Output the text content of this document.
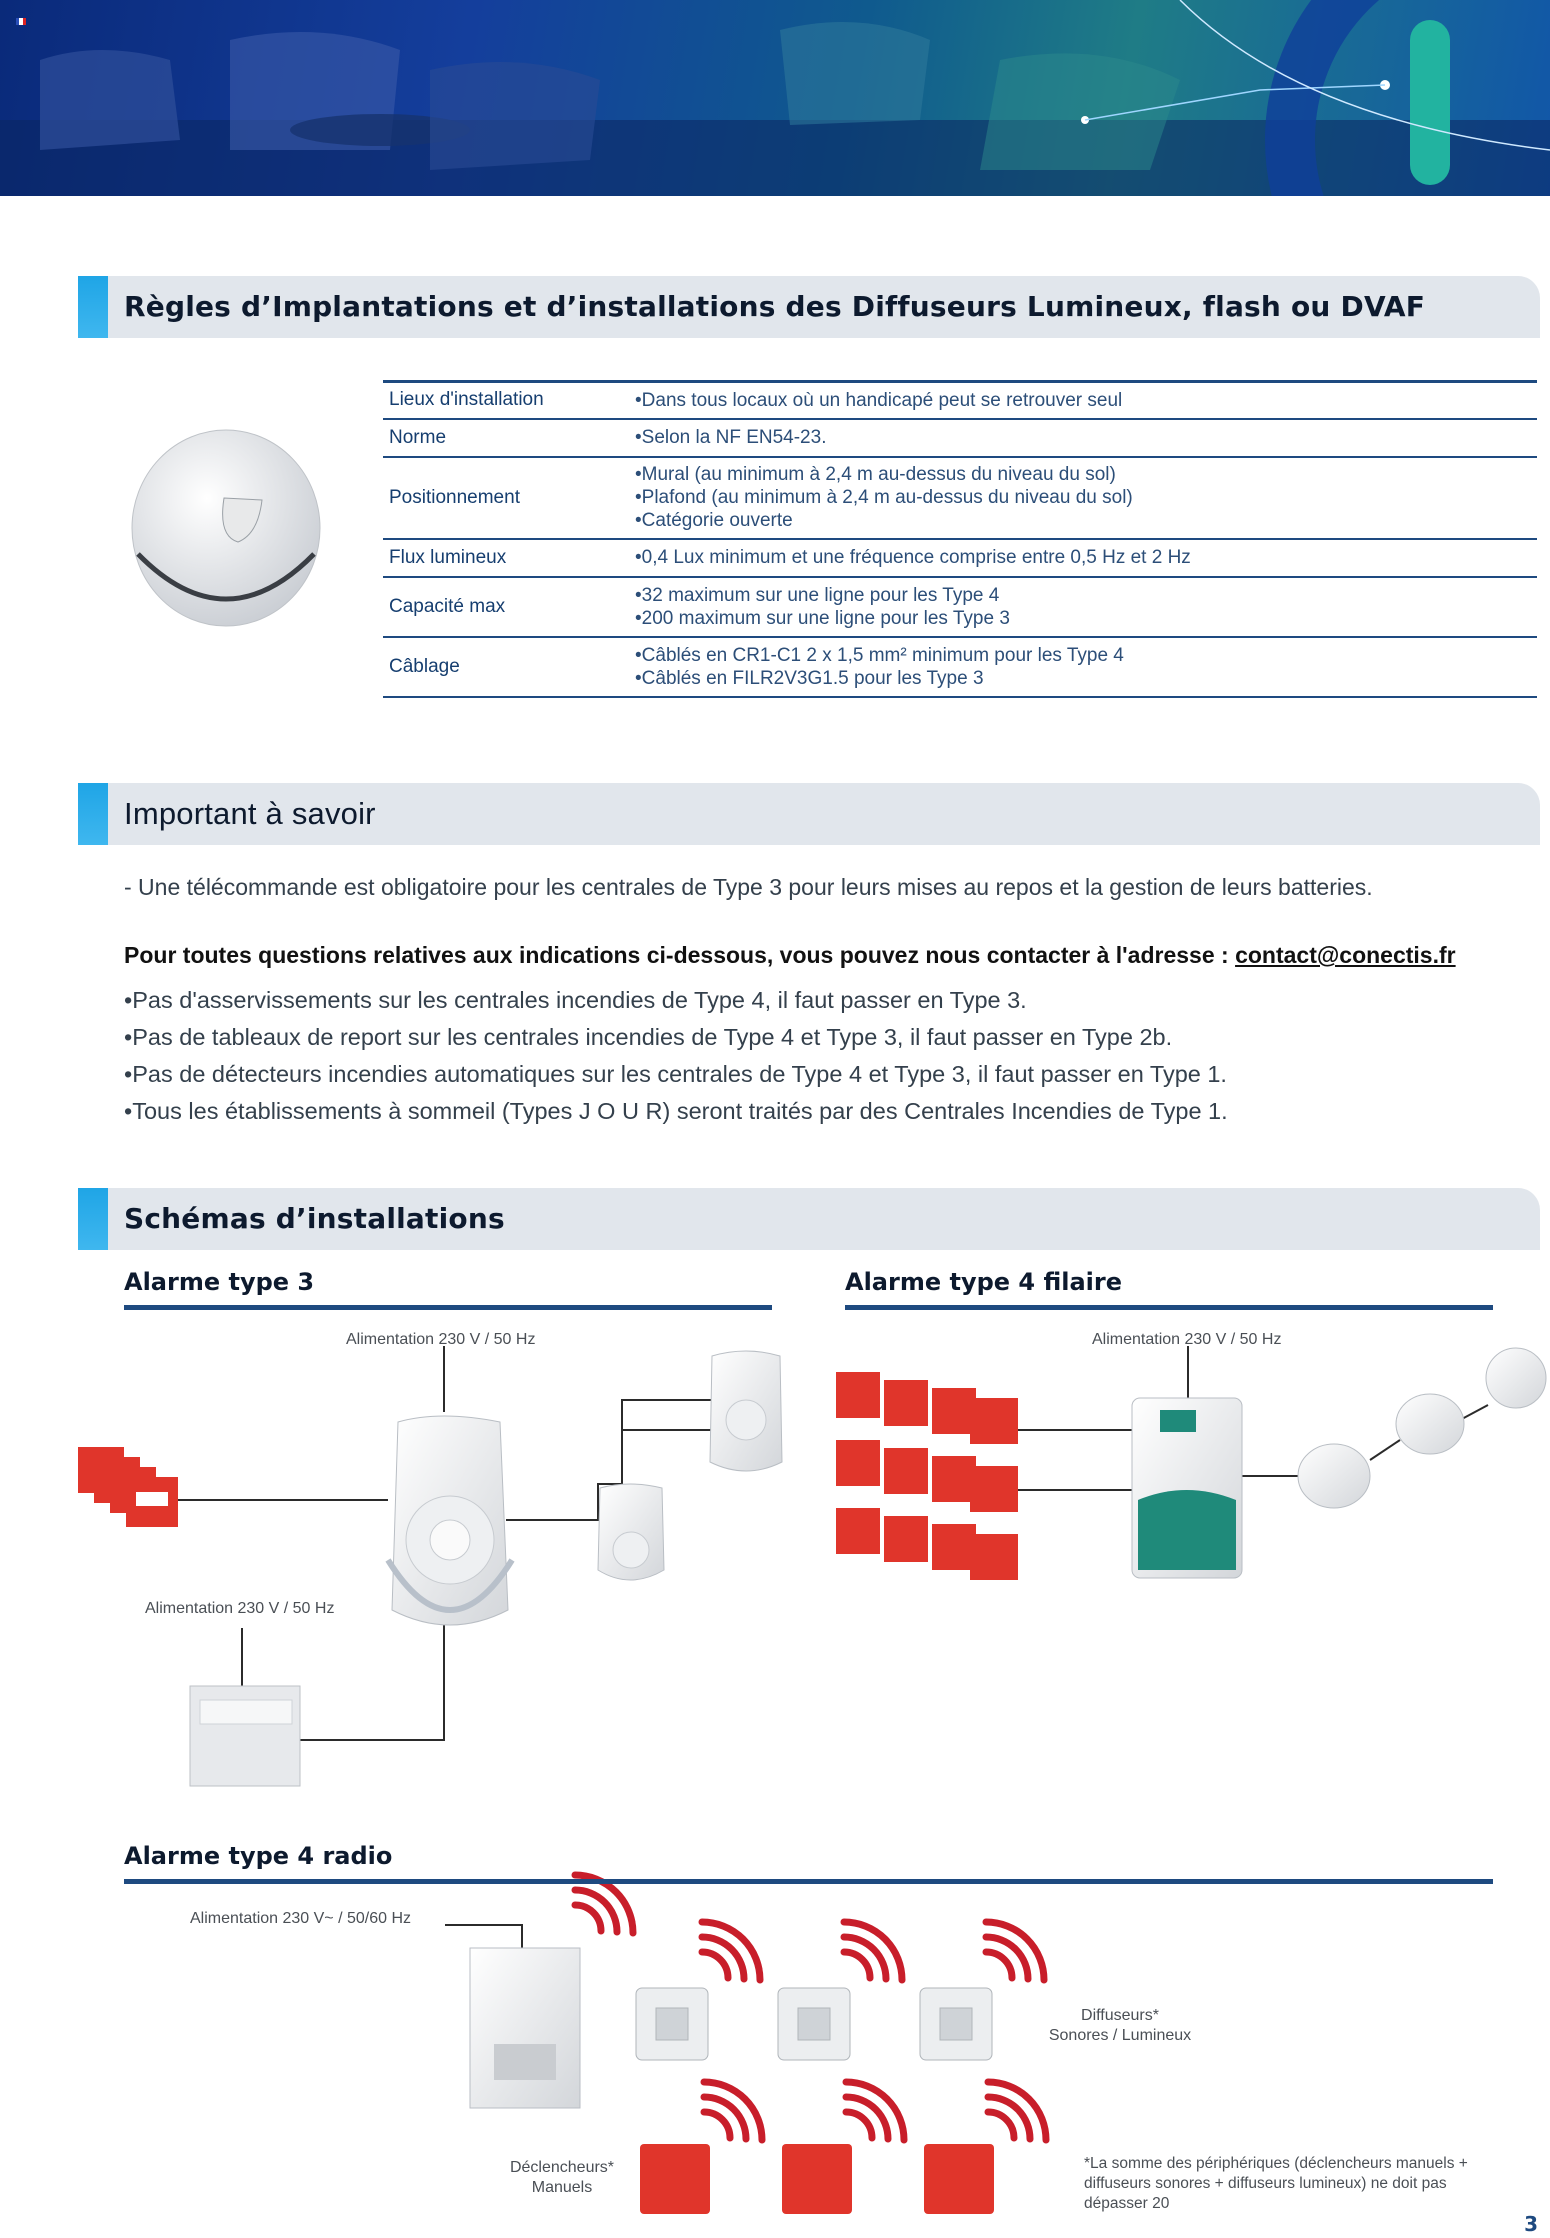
Règles d’Implantations et d’installations des Diffuseurs Lumineux, flash ou DVAF
Lieux d'installation	• Dans tous locaux où un handicapé peut se retrouver seul

Norme	• Selon la NF EN54-23.

Positionnement	• Mural (au minimum à 2,4 m au-dessus du niveau du sol)
• Plafond (au minimum à 2,4 m au-dessus du niveau du sol)
• Catégorie ouverte

Flux lumineux	• 0,4 Lux minimum et une fréquence comprise entre 0,5 Hz et 2 Hz

Capacité max	• 32 maximum sur une ligne pour les Type 4
• 200 maximum sur une ligne pour les Type 3

Câblage	• Câblés en CR1-C1 2 x 1,5 mm² minimum pour les Type 4
• Câblés en FILR2V3G1.5 pour les Type 3
Important à savoir
- Une télécommande est obligatoire pour les centrales de Type 3 pour leurs mises au repos et la gestion de leurs batteries.
Pour toutes questions relatives aux indications ci-dessous, vous pouvez nous contacter à l'adresse : contact@conectis.fr
• Pas d'asservissements sur les centrales incendies de Type 4, il faut passer en Type 3.
• Pas de tableaux de report sur les centrales incendies de Type 4 et Type 3, il faut passer en Type 2b.
• Pas de détecteurs incendies automatiques sur les centrales de Type 4 et Type 3, il faut passer en Type 1.
• Tous les établissements à sommeil (Types J O U R) seront traités par des Centrales Incendies de Type 1.
Schémas d’installations
Alarme type 3	Alarme type 4 filaire
Alimentation 230 V / 50 Hz
Alimentation 230 V / 50 Hz
Alimentation 230 V / 50 Hz
Alarme type 4 radio
Alimentation 230 V~ / 50/60 Hz
Diffuseurs*
Sonores / Lumineux
Déclencheurs*
Manuels
*La somme des périphériques (déclencheurs manuels + diffuseurs sonores + diffuseurs lumineux) ne doit pas dépasser 20
3
